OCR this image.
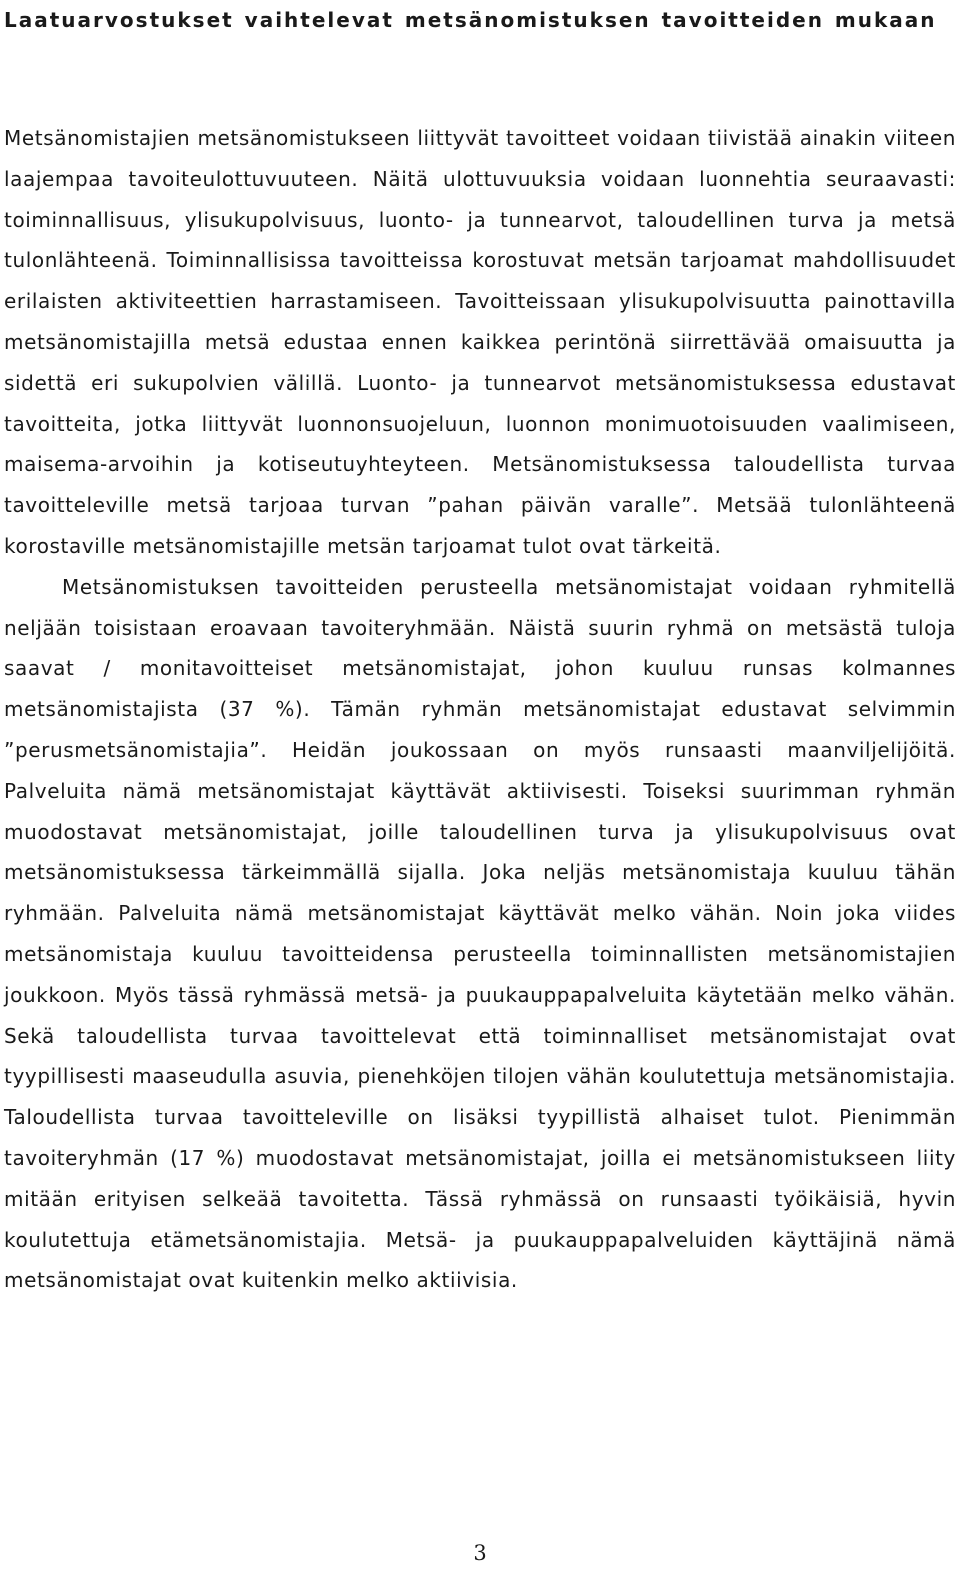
Laatuarvostukset vaihtelevat metsänomistuksen tavoitteiden mukaan

Metsänomistajien metsänomistukseen liittyvät tavoitteet voidaan tiivistää ainakin viiteen laajempaa tavoiteulottuvuuteen. Näitä ulottuvuuksia voidaan luonnehtia seuraavasti: toiminnallisuus, ylisukupolvisuus, luonto- ja tunnearvot, taloudellinen turva ja metsä tulonlähteenä. Toiminnallisissa tavoitteissa korostuvat metsän tarjoamat mahdollisuudet erilaisten aktiviteettien harrastamiseen. Tavoitteissaan ylisukupolvisuutta painottavilla metsänomistajilla metsä edustaa ennen kaikkea perintönä siirrettävää omaisuutta ja sidettä eri sukupolvien välillä. Luonto- ja tunnearvot metsänomistuksessa edustavat tavoitteita, jotka liittyvät luonnonsuojeluun, luonnon monimuotoisuuden vaalimiseen, maisema-arvoihin ja kotiseutuyhteyteen. Metsänomistuksessa taloudellista turvaa tavoitteleville metsä tarjoaa turvan ”pahan päivän varalle”. Metsää tulonlähteenä korostaville metsänomistajille metsän tarjoamat tulot ovat tärkeitä.

Metsänomistuksen tavoitteiden perusteella metsänomistajat voidaan ryhmitellä neljään toisistaan eroavaan tavoiteryhmään. Näistä suurin ryhmä on metsästä tuloja saavat / monitavoitteiset metsänomistajat, johon kuuluu runsas kolmannes metsänomistajista (37 %). Tämän ryhmän metsänomistajat edustavat selvimmin ”perusmetsänomistajia”. Heidän joukossaan on myös runsaasti maanviljelijöitä. Palveluita nämä metsänomistajat käyttävät aktiivisesti. Toiseksi suurimman ryhmän muodostavat metsänomistajat, joille taloudellinen turva ja ylisukupolvisuus ovat metsänomistuksessa tärkeimmällä sijalla. Joka neljäs metsänomistaja kuuluu tähän ryhmään. Palveluita nämä metsänomistajat käyttävät melko vähän. Noin joka viides metsänomistaja kuuluu tavoitteidensa perusteella toiminnallisten metsänomistajien joukkoon. Myös tässä ryhmässä metsä- ja puukauppapalveluita käytetään melko vähän. Sekä taloudellista turvaa tavoittelevat että toiminnalliset metsänomistajat ovat tyypillisesti maaseudulla asuvia, pienehköjen tilojen vähän koulutettuja metsänomistajia. Taloudellista turvaa tavoitteleville on lisäksi tyypillistä alhaiset tulot. Pienimmän tavoiteryhmän (17 %) muodostavat metsänomistajat, joilla ei metsänomistukseen liity mitään erityisen selkeää tavoitetta. Tässä ryhmässä on runsaasti työikäisiä, hyvin koulutettuja etämetsänomistajia. Metsä- ja puukauppapalveluiden käyttäjinä nämä metsänomistajat ovat kuitenkin melko aktiivisia.

3
